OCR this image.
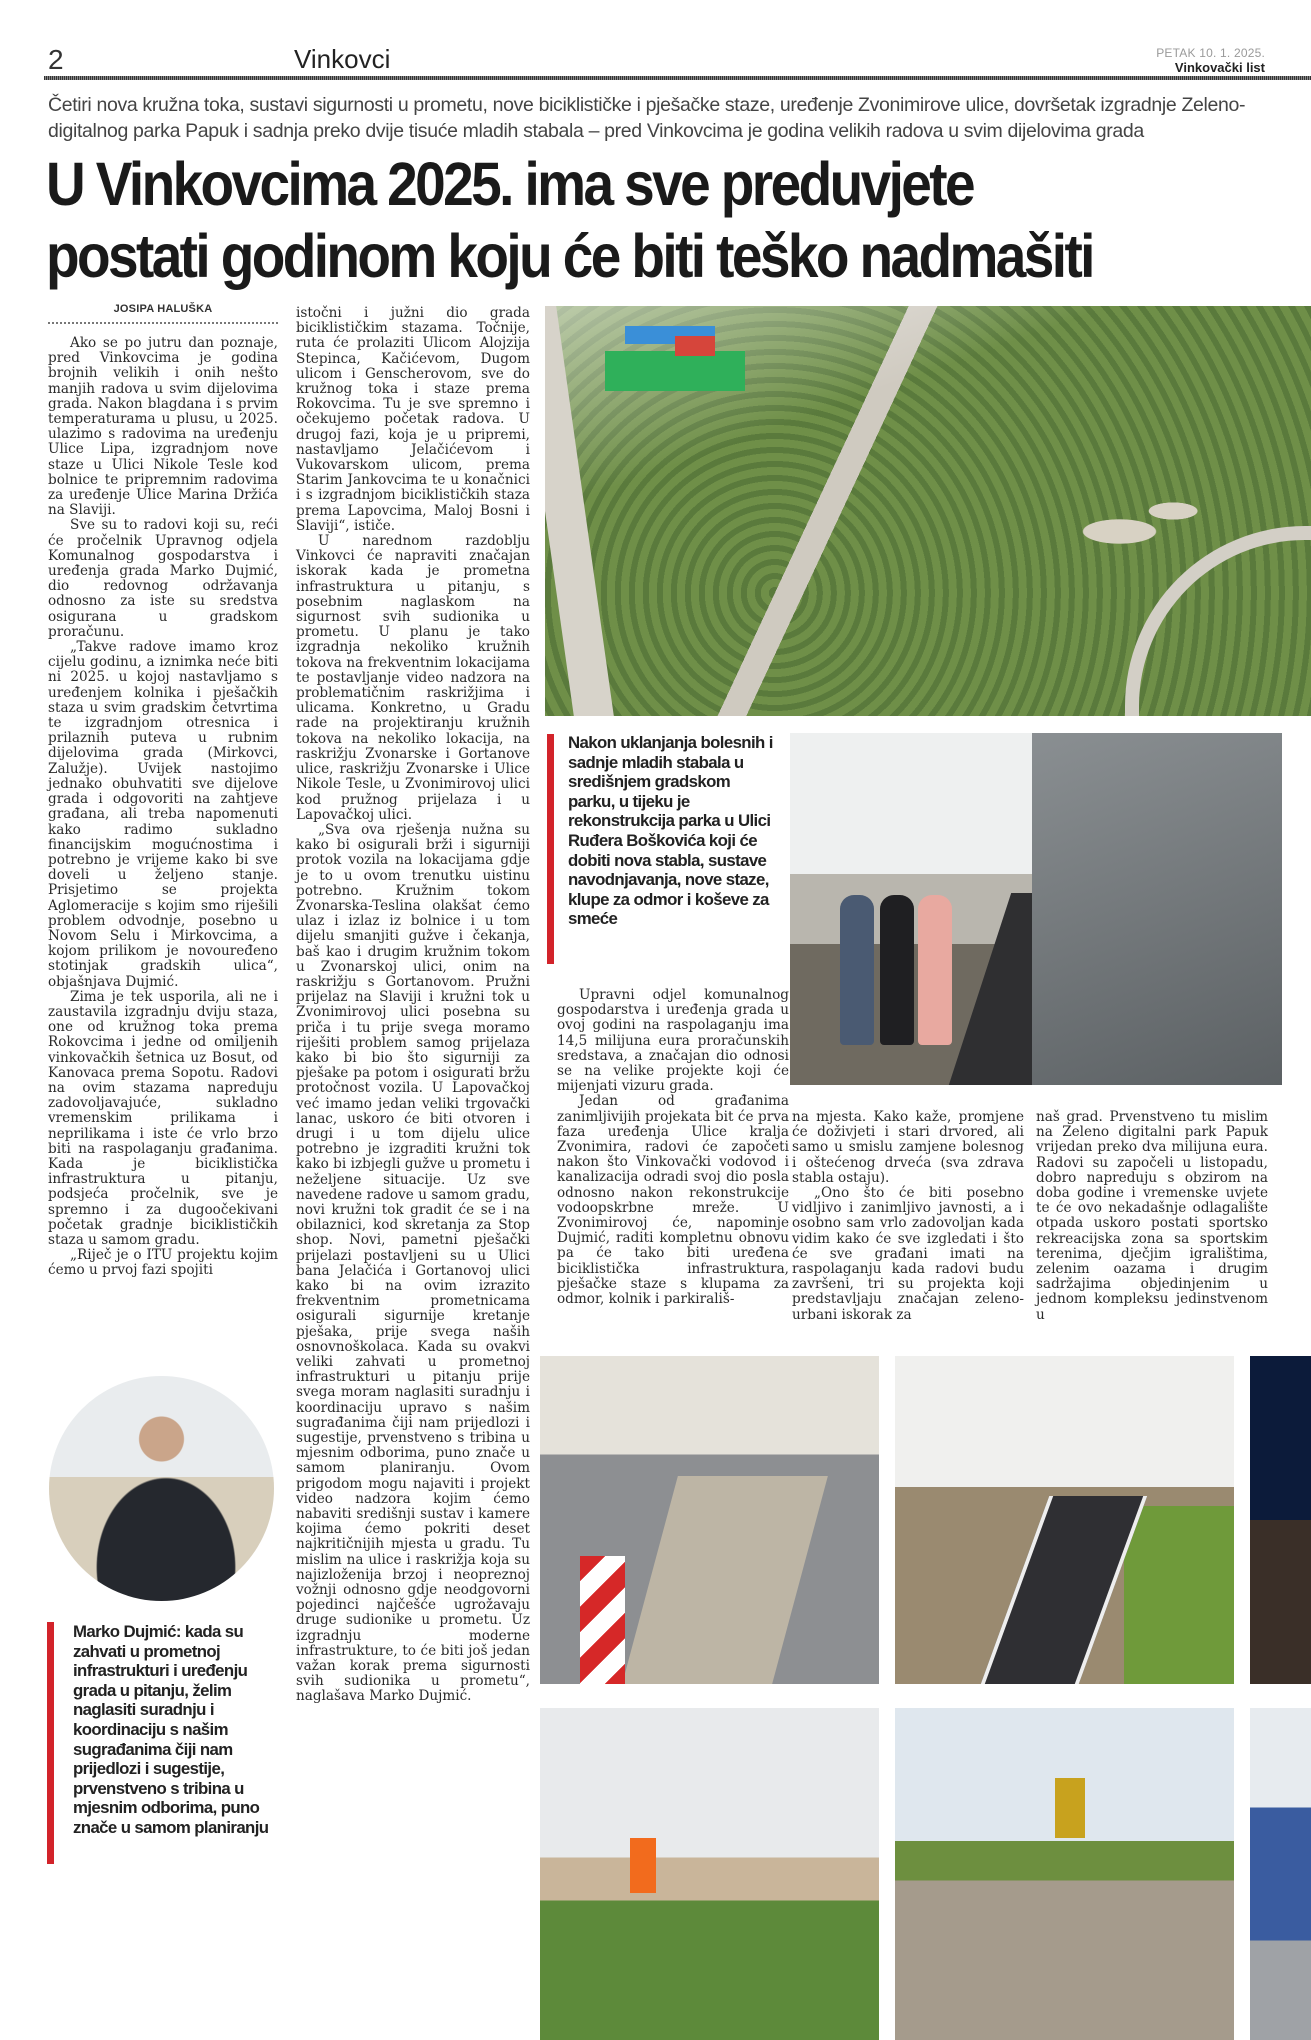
2	Vinkovci	PETAK 10. 1. 2025.
Vinkovački list
Četiri nova kružna toka, sustavi sigurnosti u prometu, nove biciklističke i pješačke staze, uređenje Zvonimirove ulice, dovršetak izgradnje Zeleno-digitalnog parka Papuk i sadnja preko dvije tisuće mladih stabala – pred Vinkovcima je godina velikih radova u svim dijelovima grada
U Vinkovcima 2025. ima sve preduvjete
postati godinom koju će biti teško nadmašiti
JOSIPA HALUŠKA

Ako se po jutru dan poznaje, pred Vinkovcima je godina brojnih velikih i onih nešto manjih radova u svim dijelovima grada. Nakon blagdana i s prvim temperaturama u plusu, u 2025. ulazimo s radovima na uređenju Ulice Lipa, izgradnjom nove staze u Ulici Nikole Tesle kod bolnice te pripremnim radovima za uređenje Ulice Marina Držića na Slaviji.

Sve su to radovi koji su, reći će pročelnik Upravnog odjela Komunalnog gospodarstva i uređenja grada Marko Dujmić, dio redovnog održavanja odnosno za iste su sredstva osigurana u gradskom proračunu.

„Takve radove imamo kroz cijelu godinu, a iznimka neće biti ni 2025. u kojoj nastavljamo s uređenjem kolnika i pješačkih staza u svim gradskim četvrtima te izgradnjom otresnica i prilaznih puteva u rubnim dijelovima grada (Mirkovci, Zalužje). Uvijek nastojimo jednako obuhvatiti sve dijelove grada i odgovoriti na zahtjeve građana, ali treba napomenuti kako radimo sukladno financijskim mogućnostima i potrebno je vrijeme kako bi sve doveli u željeno stanje. Prisjetimo se projekta Aglomeracije s kojim smo riješili problem odvodnje, posebno u Novom Selu i Mirkovcima, a kojom prilikom je novouređeno stotinjak gradskih ulica“, objašnjava Dujmić.

Zima je tek usporila, ali ne i zaustavila izgradnju dviju staza, one od kružnog toka prema Rokovcima i jedne od omiljenih vinkovačkih šetnica uz Bosut, od Kanovaca prema Sopotu. Radovi na ovim stazama napreduju zadovoljavajuće, sukladno vremenskim prilikama i neprilikama i iste će vrlo brzo biti na raspolaganju građanima. Kada je biciklistička infrastruktura u pitanju, podsjeća pročelnik, sve je spremno i za dugoočekivani početak gradnje biciklističkih staza u samom gradu.

„Riječ je o ITU projektu kojim ćemo u prvoj fazi spojiti

Marko Dujmić: kada su zahvati u prometnoj infrastrukturi i uređenju grada u pitanju, želim naglasiti suradnju i koordinaciju s našim sugrađanima čiji nam prijedlozi i sugestije, prvenstveno s tribina u mjesnim odborima, puno znače u samom planiranju

istočni i južni dio grada biciklističkim stazama. Točnije, ruta će prolaziti Ulicom Alojzija Stepinca, Kačićevom, Dugom ulicom i Genscherovom, sve do kružnog toka i staze prema Rokovcima. Tu je sve spremno i očekujemo početak radova. U drugoj fazi, koja je u pripremi, nastavljamo Jelačićevom i Vukovarskom ulicom, prema Starim Jankovcima te u konačnici i s izgradnjom biciklističkih staza prema Lapovcima, Maloj Bosni i Slaviji“, ističe.

U narednom razdoblju Vinkovci će napraviti značajan iskorak kada je prometna infrastruktura u pitanju, s posebnim naglaskom na sigurnost svih sudionika u prometu. U planu je tako izgradnja nekoliko kružnih tokova na frekventnim lokacijama te postavljanje video nadzora na problematičnim raskrižjima i ulicama. Konkretno, u Gradu rade na projektiranju kružnih tokova na nekoliko lokacija, na raskrižju Zvonarske i Gortanove ulice, raskrižju Zvonarske i Ulice Nikole Tesle, u Zvonimirovoj ulici kod pružnog prijelaza i u Lapovačkoj ulici.

„Sva ova rješenja nužna su kako bi osigurali brži i sigurniji protok vozila na lokacijama gdje je to u ovom trenutku uistinu potrebno. Kružnim tokom Zvonarska-Teslina olakšat ćemo ulaz i izlaz iz bolnice i u tom dijelu smanjiti gužve i čekanja, baš kao i drugim kružnim tokom u Zvonarskoj ulici, onim na raskrižju s Gortanovom. Pružni prijelaz na Slaviji i kružni tok u Zvonimirovoj ulici posebna su priča i tu prije svega moramo riješiti problem samog prijelaza kako bi bio što sigurniji za pješake pa potom i osigurati bržu protočnost vozila. U Lapovačkoj već imamo jedan veliki trgovački lanac, uskoro će biti otvoren i drugi i u tom dijelu ulice potrebno je izgraditi kružni tok kako bi izbjegli gužve u prometu i neželjene situacije. Uz sve navedene radove u samom gradu, novi kružni tok gradit će se i na obilaznici, kod skretanja za Stop shop. Novi, pametni pješački prijelazi postavljeni su u Ulici bana Jelačića i Gortanovoj ulici kako bi na ovim izrazito frekventnim prometnicama osigurali sigurnije kretanje pješaka, prije svega naših osnovnoškolaca. Kada su ovakvi veliki zahvati u prometnoj infrastrukturi u pitanju prije svega moram naglasiti suradnju i koordinaciju upravo s našim sugrađanima čiji nam prijedlozi i sugestije, prvenstveno s tribina u mjesnim odborima, puno znače u samom planiranju. Ovom prigodom mogu najaviti i projekt video nadzora kojim ćemo nabaviti središnji sustav i kamere kojima ćemo pokriti deset najkritičnijih mjesta u gradu. Tu mislim na ulice i raskrižja koja su najizloženija brzoj i neopreznoj vožnji odnosno gdje neodgovorni pojedinci najčešće ugrožavaju druge sudionike u prometu. Uz izgradnju moderne infrastrukture, to će biti još jedan važan korak prema sigurnosti svih sudionika u prometu“, naglašava Marko Dujmić.

Nakon uklanjanja bolesnih i sadnje mladih stabala u središnjem gradskom parku, u tijeku je rekonstrukcija parka u Ulici Ruđera Boškovića koji će dobiti nova stabla, sustave navodnjavanja, nove staze, klupe za odmor i koševe za smeće

Upravni odjel komunalnog gospodarstva i uređenja grada u ovoj godini na raspolaganju ima 14,5 milijuna eura proračunskih sredstava, a značajan dio odnosi se na velike projekte koji će mijenjati vizuru grada.

Jedan od građanima zanimljivijih projekata bit će prva faza uređenja Ulice kralja Zvonimira, radovi će započeti nakon što Vinkovački vodovod i kanalizacija odradi svoj dio posla odnosno nakon rekonstrukcije vodoopskrbne mreže. U Zvonimirovoj će, napominje Dujmić, raditi kompletnu obnovu pa će tako biti uređena biciklistička infrastruktura, pješačke staze s klupama za odmor, kolnik i parkirališ-

na mjesta. Kako kaže, promjene će doživjeti i stari drvored, ali samo u smislu zamjene bolesnog i oštećenog drveća (sva zdrava stabla ostaju).

„Ono što će biti posebno vidljivo i zanimljivo javnosti, a i osobno sam vrlo zadovoljan kada vidim kako će sve izgledati i što će sve građani imati na raspolaganju kada radovi budu završeni, tri su projekta koji predstavljaju značajan zeleno-urbani iskorak za

naš grad. Prvenstveno tu mislim na Zeleno digitalni park Papuk vrijedan preko dva milijuna eura. Radovi su započeli u listopadu, dobro napreduju s obzirom na doba godine i vremenske uvjete te će ovo nekadašnje odlagalište otpada uskoro postati sportsko rekreacijska zona sa sportskim terenima, dječjim igralištima, zelenim oazama i drugim sadržajima objedinjenim u jednom kompleksu jedinstvenom u
